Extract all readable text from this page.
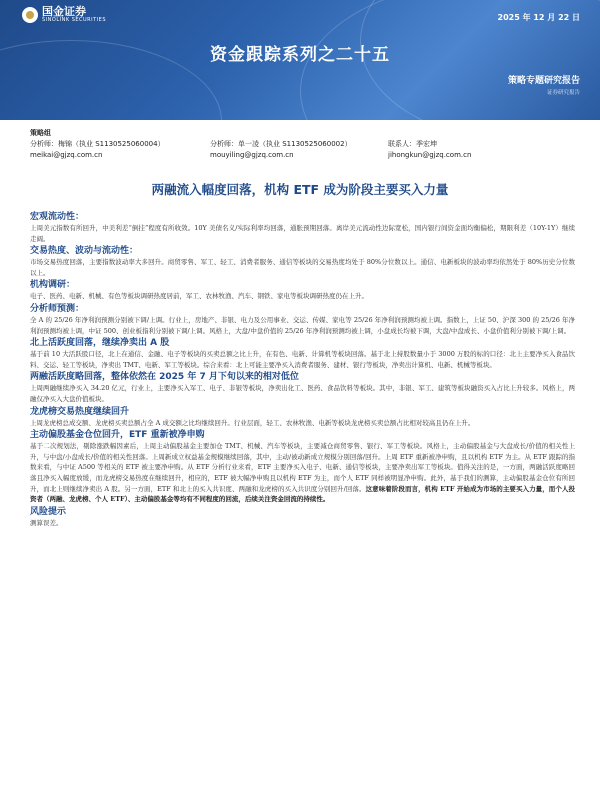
国金证券
SINOLINK SECURITIES	2025 年 12 月 22 日
资金跟踪系列之二十五
策略专题研究报告
证券研究报告
策略组
分析师：梅锦（执业 S1130525060004）	分析师：单一凌（执业 S1130525060002）	联系人：季宏坤
meikai@gjzq.com.cn	mouyiling@gjzq.com.cn	jihongkun@gjzq.com.cn
两融流入幅度回落，机构 ETF 成为阶段主要买入力量
宏观流动性：

上周美元指数有所回升，中美利差“倒挂”程度有所收敛。10Y 美债名义/实际利率均回落，通胀预期回落。离岸美元流动性边际宽松，国内银行间资金面均衡偏松，期限利差（10Y-1Y）继续走阔。

交易热度、波动与流动性：

市场交易热度回落，主要指数波动率大多回升。商贸零售、军工、轻工、消费者服务、通信等板块的交易热度均处于 80%分位数以上。通信、电新板块的波动率均依然处于 80%历史分位数以上。

机构调研：

电子、医药、电新、机械、有色等板块调研热度居前，军工、农林牧渔、汽车、钢铁、家电等板块调研热度仍在上升。

分析师预测：

全 A 的 25/26 年净利润预测分别被下调/上调。行业上，房地产、非银、电力及公用事业、交运、传媒、家电等 25/26 年净利润预测均被上调。指数上，上证 50、沪深 300 的 25/26 年净利润预测均被上调，中证 500、创业板指利分别被下调/上调。风格上，大盘/中盘价值的 25/26 年净利润预测均被上调，小盘成长均被下调，大盘/中盘成长、小盘价值利分别被下调/上调。

北上活跃度回落，继续净卖出 A 股

基于前 10 大活跃股口径，北上在通信、金融、电子等板块的买卖总额之比上升，在有色、电新、计算机等板块回落。基于北上持股数量小于 3000 万股的标的口径：北上主要净买入食品饮料、交运、轻工等板块，净卖出 TMT、电新、军工等板块。综合来看：北上可能主要净买入消费者服务、建材、银行等板块，净卖出计算机、电新、机械等板块。

两融活跃度略回落，整体依然在 2025 年 7 月下旬以来的相对低位

上周两融继续净买入 34.20 亿元，行业上，主要净买入军工、电子、非银等板块，净卖出化工、医药、食品饮料等板块。其中，非银、军工、建筑等板块融资买入占比上升较多。风格上，两融仅净买入大盘价值板块。

龙虎榜交易热度继续回升

上周龙虎榜总成交额、龙虎榜买卖总额占全 A 成交额之比均继续回升。行业层面，轻工、农林牧渔、电新等板块龙虎榜买卖总额占比相对较高且仍在上升。

主动偏股基金仓位回升，ETF 重新被净申购

基于二次规划法，剔除涨跌幅因素后，上周主动偏股基金主要加仓 TMT、机械、汽车等板块，主要减仓商贸零售、银行、军工等板块。风格上，主动偏股基金与大盘成长/价值的相关性上升，与中盘/小盘成长/价值的相关性回落。上周新成立权益基金规模继续回落，其中，主动/被动新成立规模分别回落/回升。上周 ETF 重新被净申购，且以机构 ETF 为主。从 ETF 跟踪的指数来看，与中证 A500 等相关的 ETF 被主要净申购。从 ETF 分析行业来看，ETF 主要净买入电子、电新、通信等板块，主要净卖出军工等板块。值得关注的是，一方面，两融活跃度略回落且净买入幅度放缓，而龙虎榜交易热度在继续回升，相应的，ETF 被大幅净申购且以机构 ETF 为主，而个人 ETF 同样被明显净申购。此外，基于我们的测算，主动偏股基金仓位有所回升，而北上则继续净卖出 A 股。另一方面，ETF 和北上的买入共识度、两融和龙虎榜的买入共识度分别回升/回落。这意味着阶段而言，机构 ETF 开始成为市场的主要买入力量，而个人投资者（两融、龙虎榜、个人 ETF）、主动偏股基金等均有不同程度的回流，后续关注资金回流的持续性。

风险提示

测算误差。
